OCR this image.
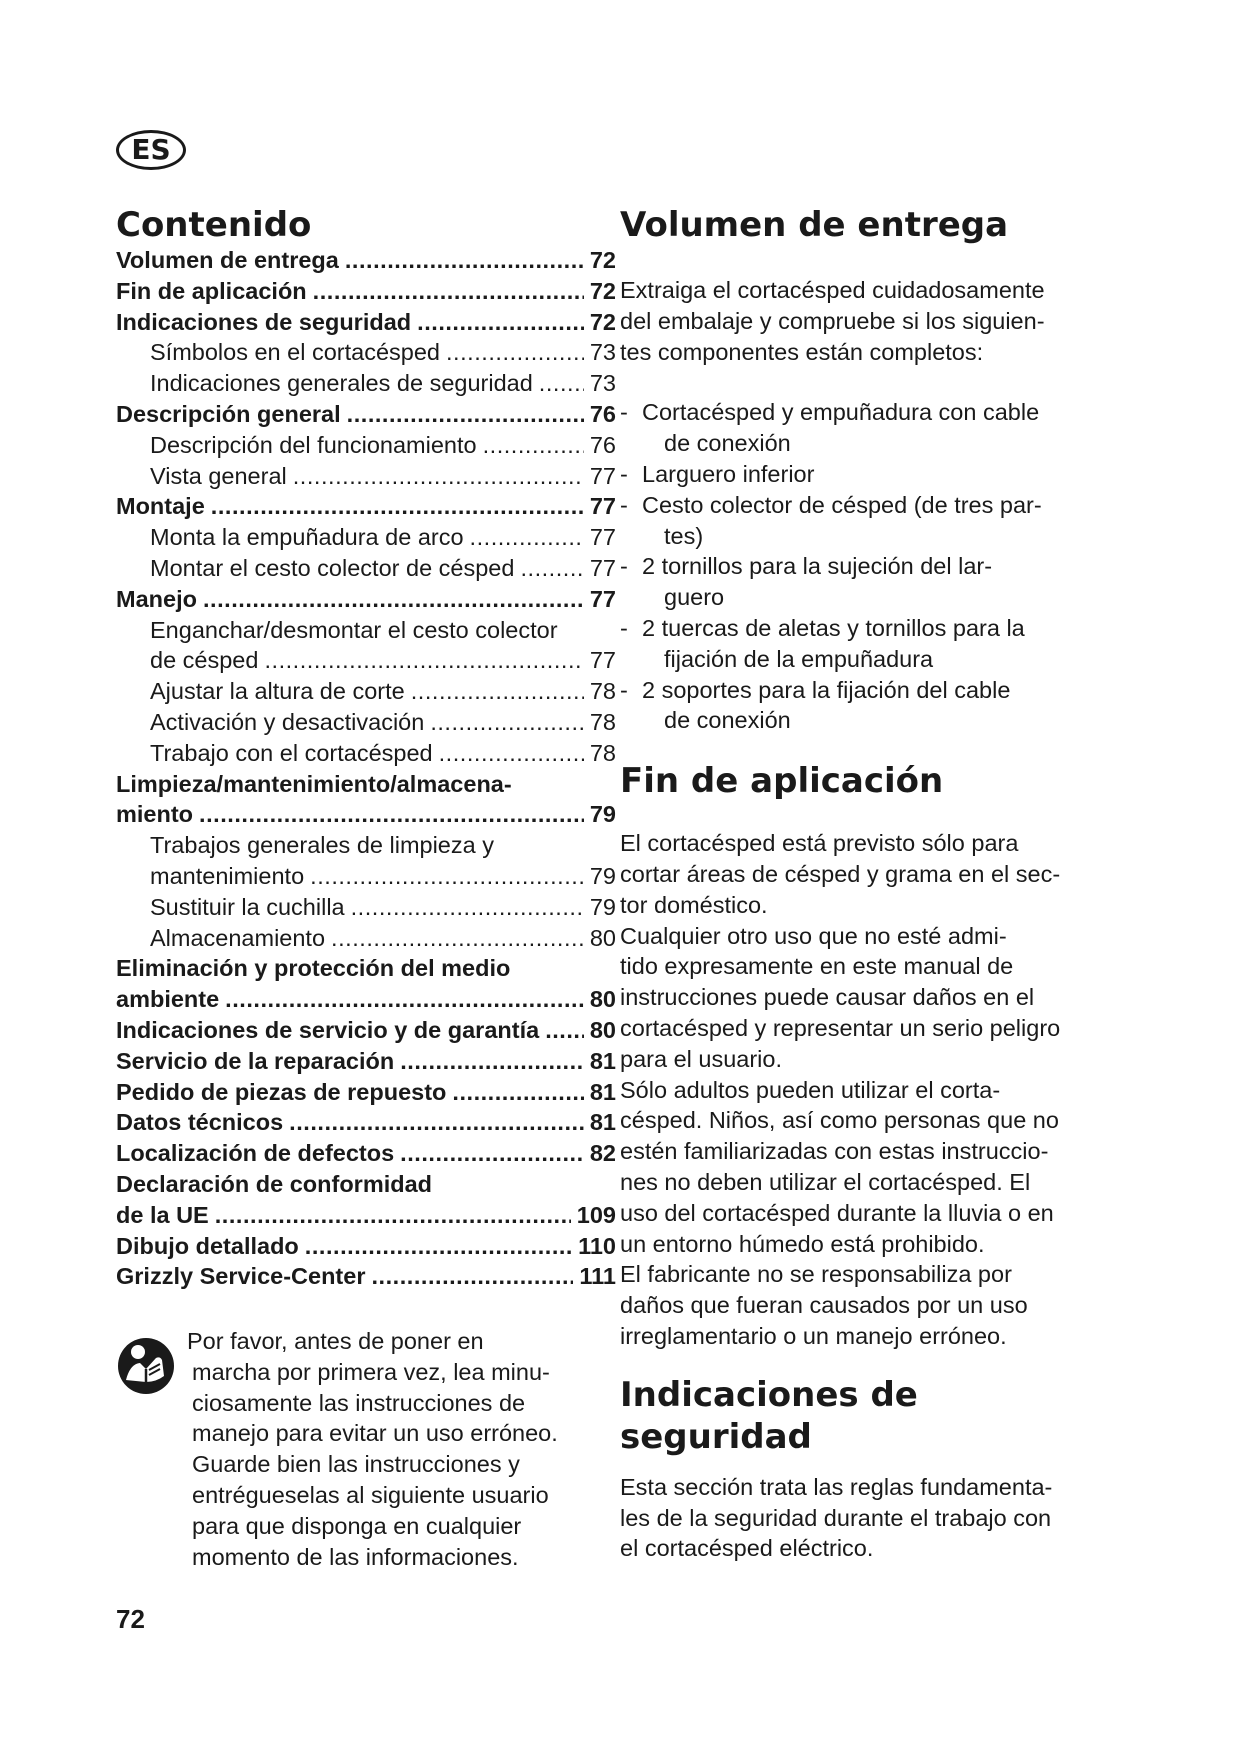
ES
Contenido
Volumen de entrega . . .	72
Fin de aplicación . . .	72
Indicaciones de seguridad . . .	72
Símbolos en el cortacésped . . .	73
Indicaciones generales de seguridad . . . 73
Descripción general . . .	76
Descripción del funcionamiento . . .	76
Vista general . . .	77
Montaje . . .	77
Monta la empuñadura de arco . . .	77
Montar el cesto colector de césped . . .	77
Manejo . . .	77
Enganchar/desmontar el cesto colector
de césped . . .	77
Ajustar la altura de corte . . .	78
Activación y desactivación . . .	78
Trabajo con el cortacésped . . .	78
Limpieza/mantenimiento/almacena-
miento . . .	79
Trabajos generales de limpieza y
mantenimiento . . .	79
Sustituir la cuchilla . . .	79
Almacenamiento . . .	80
Eliminación y protección del medio
ambiente . . .	80
Indicaciones de servicio y de garantía . . . 80
Servicio de la reparación . . .	81
Pedido de piezas de repuesto . . .	81
Datos técnicos . . .	81
Localización de defectos . . .	82
Declaración de conformidad
de la UE . . .	109
Dibujo detallado . . .	110
Grizzly Service-Center . . .	111
Por favor, antes de poner en
marcha por primera vez, lea minu-
ciosamente las instrucciones de
manejo para evitar un uso erróneo.
Guarde bien las instrucciones y
entrégueselas al siguiente usuario
para que disponga en cualquier
momento de las informaciones.
Volumen de entrega
Extraiga el cortacésped cuidadosamente
del embalaje y compruebe si los siguien-
tes componentes están completos:
- Cortacésped y empuñadura con cable
de conexión
- Larguero inferior
- Cesto colector de césped (de tres par-
tes)
- 2 tornillos para la sujeción del lar-
guero
- 2 tuercas de aletas y tornillos para la
fijación de la empuñadura
- 2 soportes para la fijación del cable
de conexión
Fin de aplicación
El cortacésped está previsto sólo para
cortar áreas de césped y grama en el sec-
tor doméstico.
Cualquier otro uso que no esté admi-
tido expresamente en este manual de
instrucciones puede causar daños en el
cortacésped y representar un serio peligro
para el usuario.
Sólo adultos pueden utilizar el corta-
césped. Niños, así como personas que no
estén familiarizadas con estas instruccio-
nes no deben utilizar el cortacésped. El
uso del cortacésped durante la lluvia o en
un entorno húmedo está prohibido.
El fabricante no se responsabiliza por
daños que fueran causados por un uso
irreglamentario o un manejo erróneo.
Indicaciones de
seguridad
Esta sección trata las reglas fundamenta-
les de la seguridad durante el trabajo con
el cortacésped eléctrico.
72
